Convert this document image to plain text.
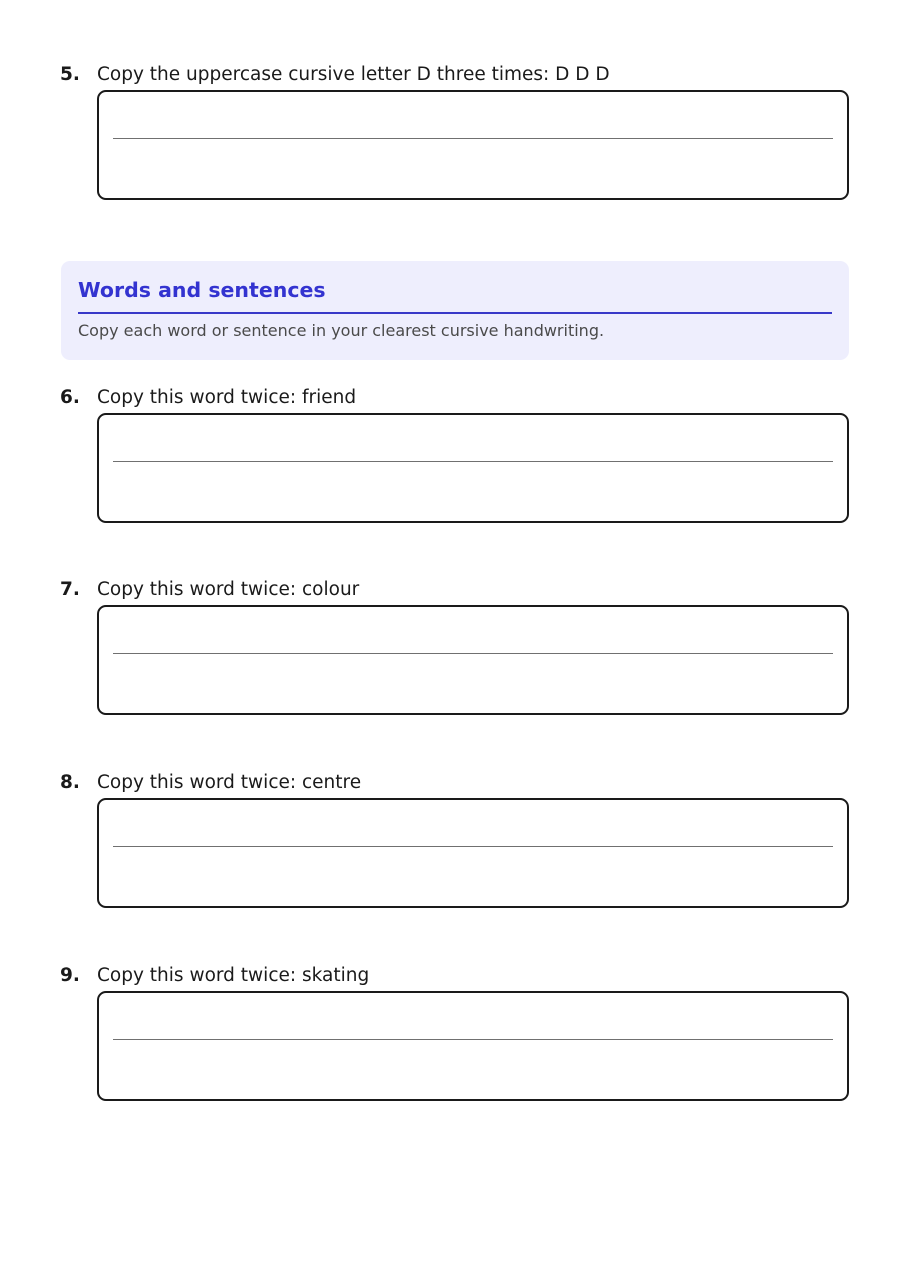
5. Copy the uppercase cursive letter D three times: D D D
Words and sentences
Copy each word or sentence in your clearest cursive handwriting.
6. Copy this word twice: friend
7. Copy this word twice: colour
8. Copy this word twice: centre
9. Copy this word twice: skating
